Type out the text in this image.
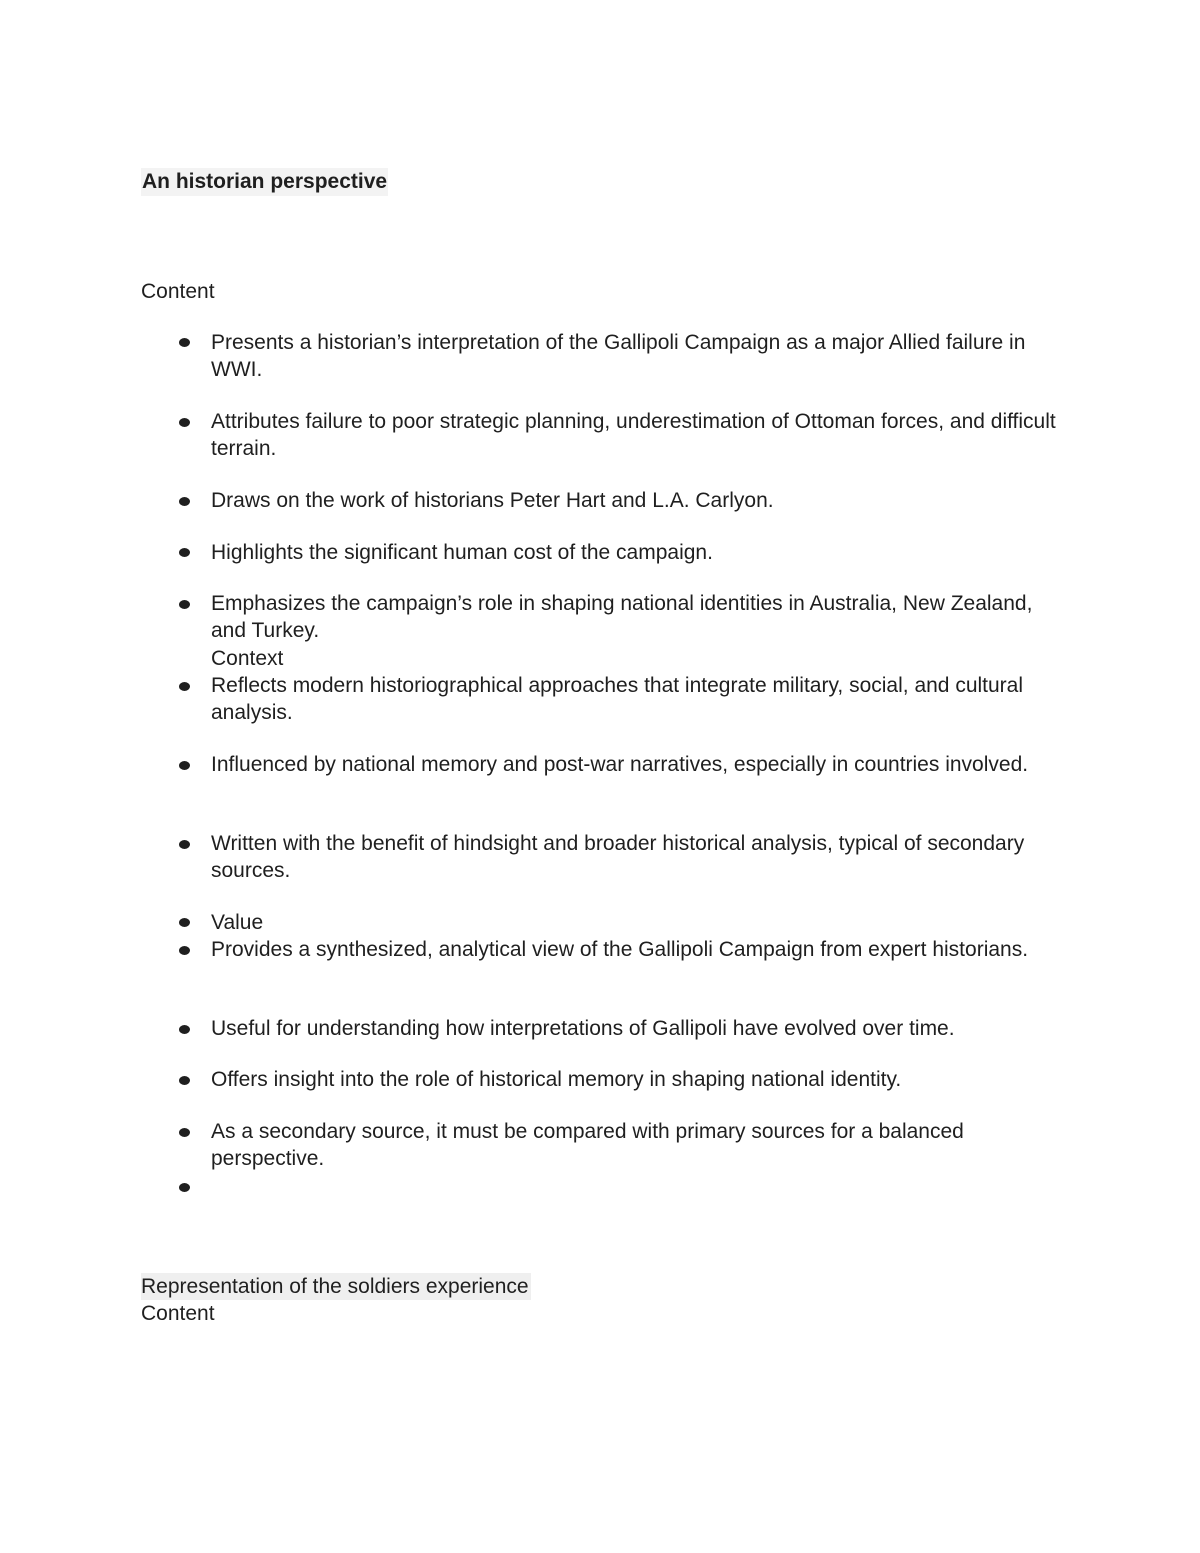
An historian perspective
Content
Presents a historian’s interpretation of the Gallipoli Campaign as a major Allied failure in WWI.
Attributes failure to poor strategic planning, underestimation of Ottoman forces, and difficult terrain.
Draws on the work of historians Peter Hart and L.A. Carlyon.
Highlights the significant human cost of the campaign.
Emphasizes the campaign’s role in shaping national identities in Australia, New Zealand, and Turkey.
Context
Reflects modern historiographical approaches that integrate military, social, and cultural analysis.
Influenced by national memory and post-war narratives, especially in countries involved.
Written with the benefit of hindsight and broader historical analysis, typical of secondary sources.
Value
Provides a synthesized, analytical view of the Gallipoli Campaign from expert historians.
Useful for understanding how interpretations of Gallipoli have evolved over time.
Offers insight into the role of historical memory in shaping national identity.
As a secondary source, it must be compared with primary sources for a balanced perspective.
Representation of the soldiers experience
Content
